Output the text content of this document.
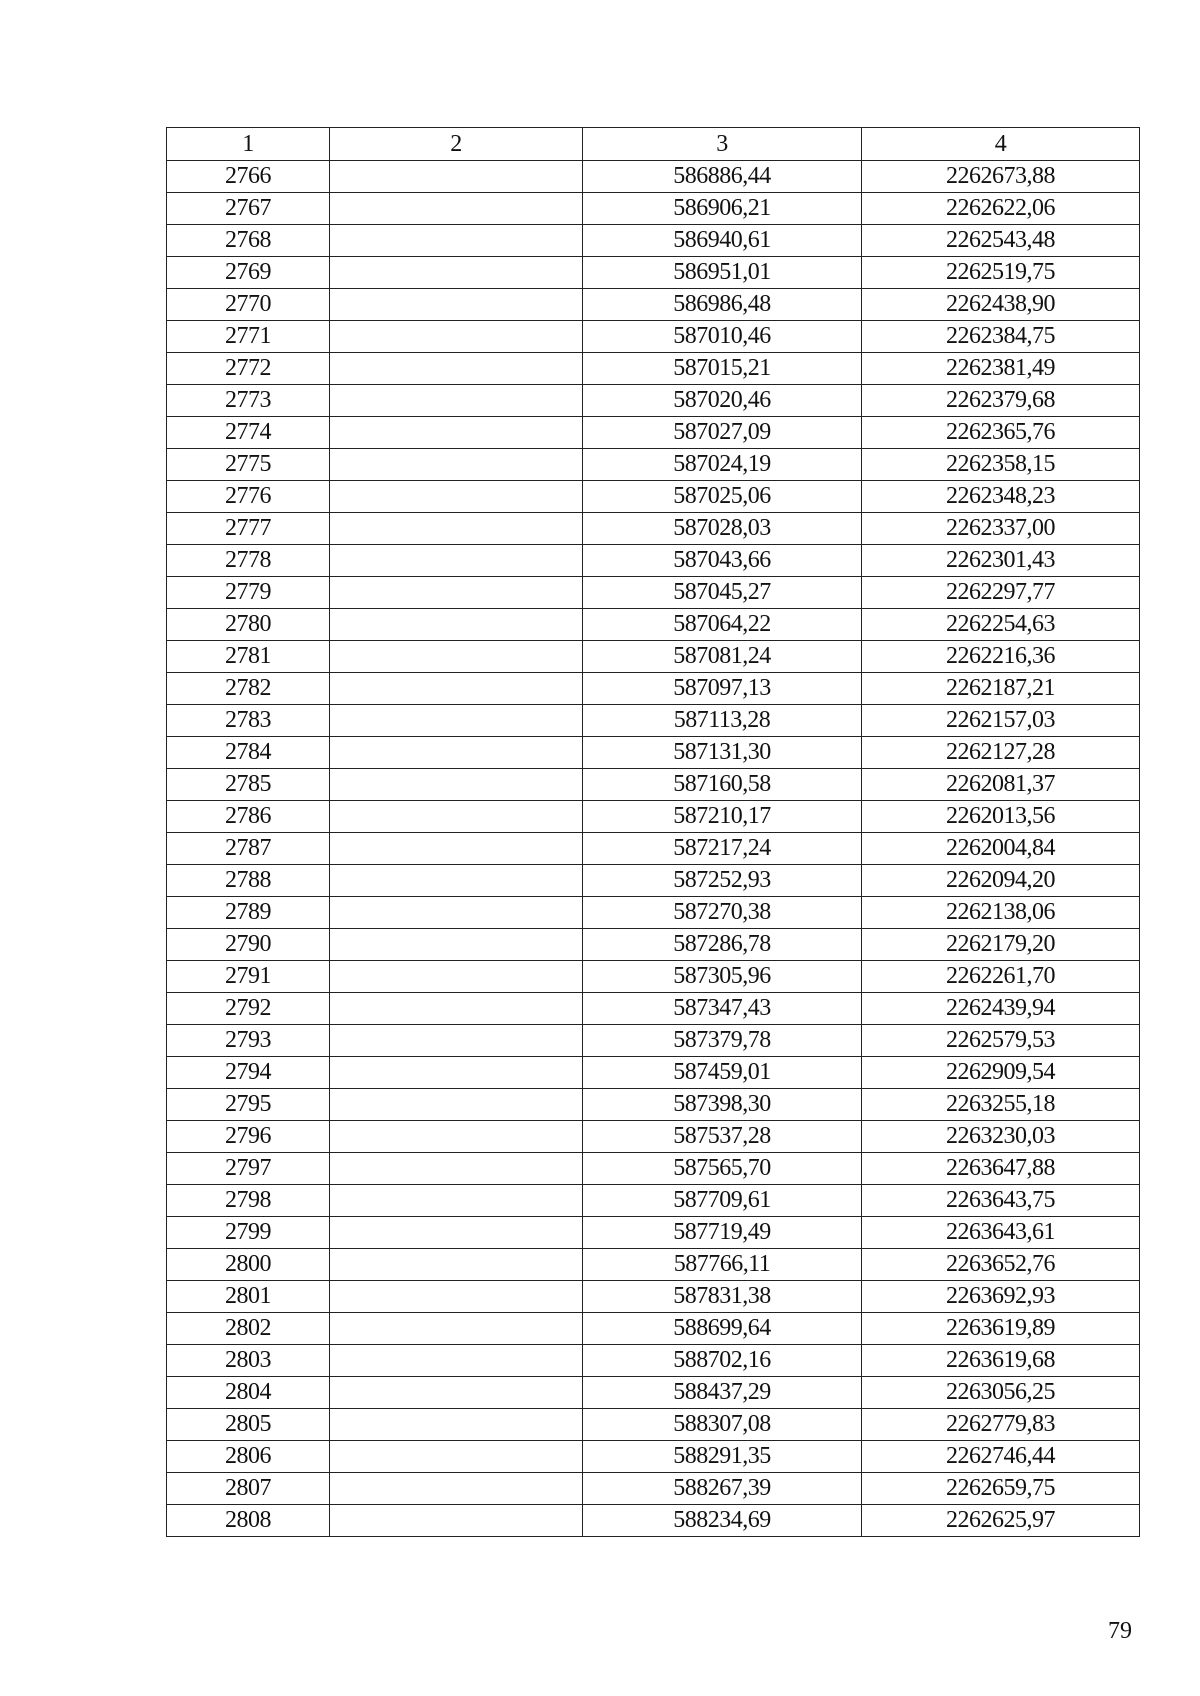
1	2	3	4
2766		586886,44	2262673,88
2767		586906,21	2262622,06
2768		586940,61	2262543,48
2769		586951,01	2262519,75
2770		586986,48	2262438,90
2771		587010,46	2262384,75
2772		587015,21	2262381,49
2773		587020,46	2262379,68
2774		587027,09	2262365,76
2775		587024,19	2262358,15
2776		587025,06	2262348,23
2777		587028,03	2262337,00
2778		587043,66	2262301,43
2779		587045,27	2262297,77
2780		587064,22	2262254,63
2781		587081,24	2262216,36
2782		587097,13	2262187,21
2783		587113,28	2262157,03
2784		587131,30	2262127,28
2785		587160,58	2262081,37
2786		587210,17	2262013,56
2787		587217,24	2262004,84
2788		587252,93	2262094,20
2789		587270,38	2262138,06
2790		587286,78	2262179,20
2791		587305,96	2262261,70
2792		587347,43	2262439,94
2793		587379,78	2262579,53
2794		587459,01	2262909,54
2795		587398,30	2263255,18
2796		587537,28	2263230,03
2797		587565,70	2263647,88
2798		587709,61	2263643,75
2799		587719,49	2263643,61
2800		587766,11	2263652,76
2801		587831,38	2263692,93
2802		588699,64	2263619,89
2803		588702,16	2263619,68
2804		588437,29	2263056,25
2805		588307,08	2262779,83
2806		588291,35	2262746,44
2807		588267,39	2262659,75
2808		588234,69	2262625,97
79
